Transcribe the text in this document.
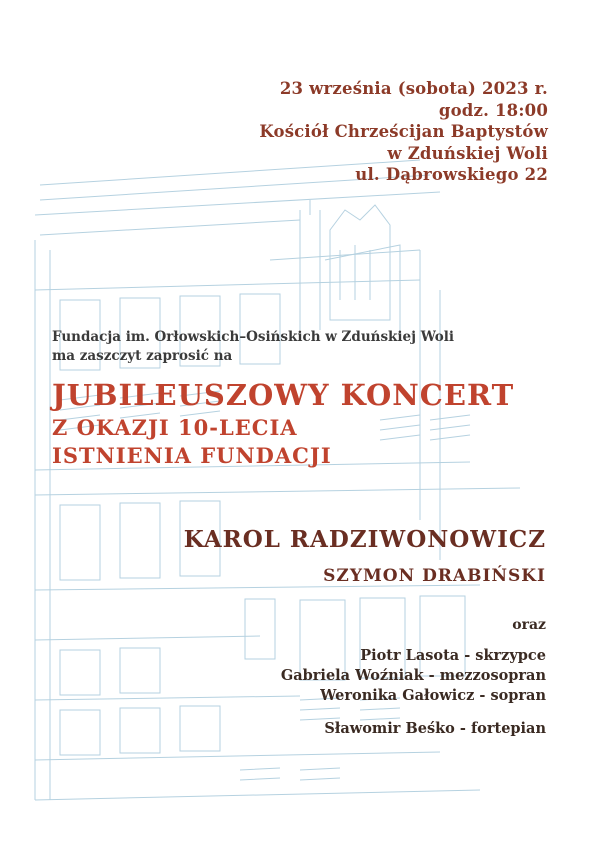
23 września (sobota) 2023 r.
godz. 18:00
Kościół Chrześcijan Baptystów
w Zduńskiej Woli
ul. Dąbrowskiego 22
Fundacja im. Orłowskich–Osińskich w Zduńskiej Woli
ma zaszczyt zaprosić na
JUBILEUSZOWY KONCERT
Z OKAZJI 10-LECIA
ISTNIENIA FUNDACJI
KAROL RADZIWONOWICZ
SZYMON DRABIŃSKI
oraz
Piotr Lasota - skrzypce
Gabriela Woźniak - mezzosopran
Weronika Gałowicz - sopran
Sławomir Beśko - fortepian
